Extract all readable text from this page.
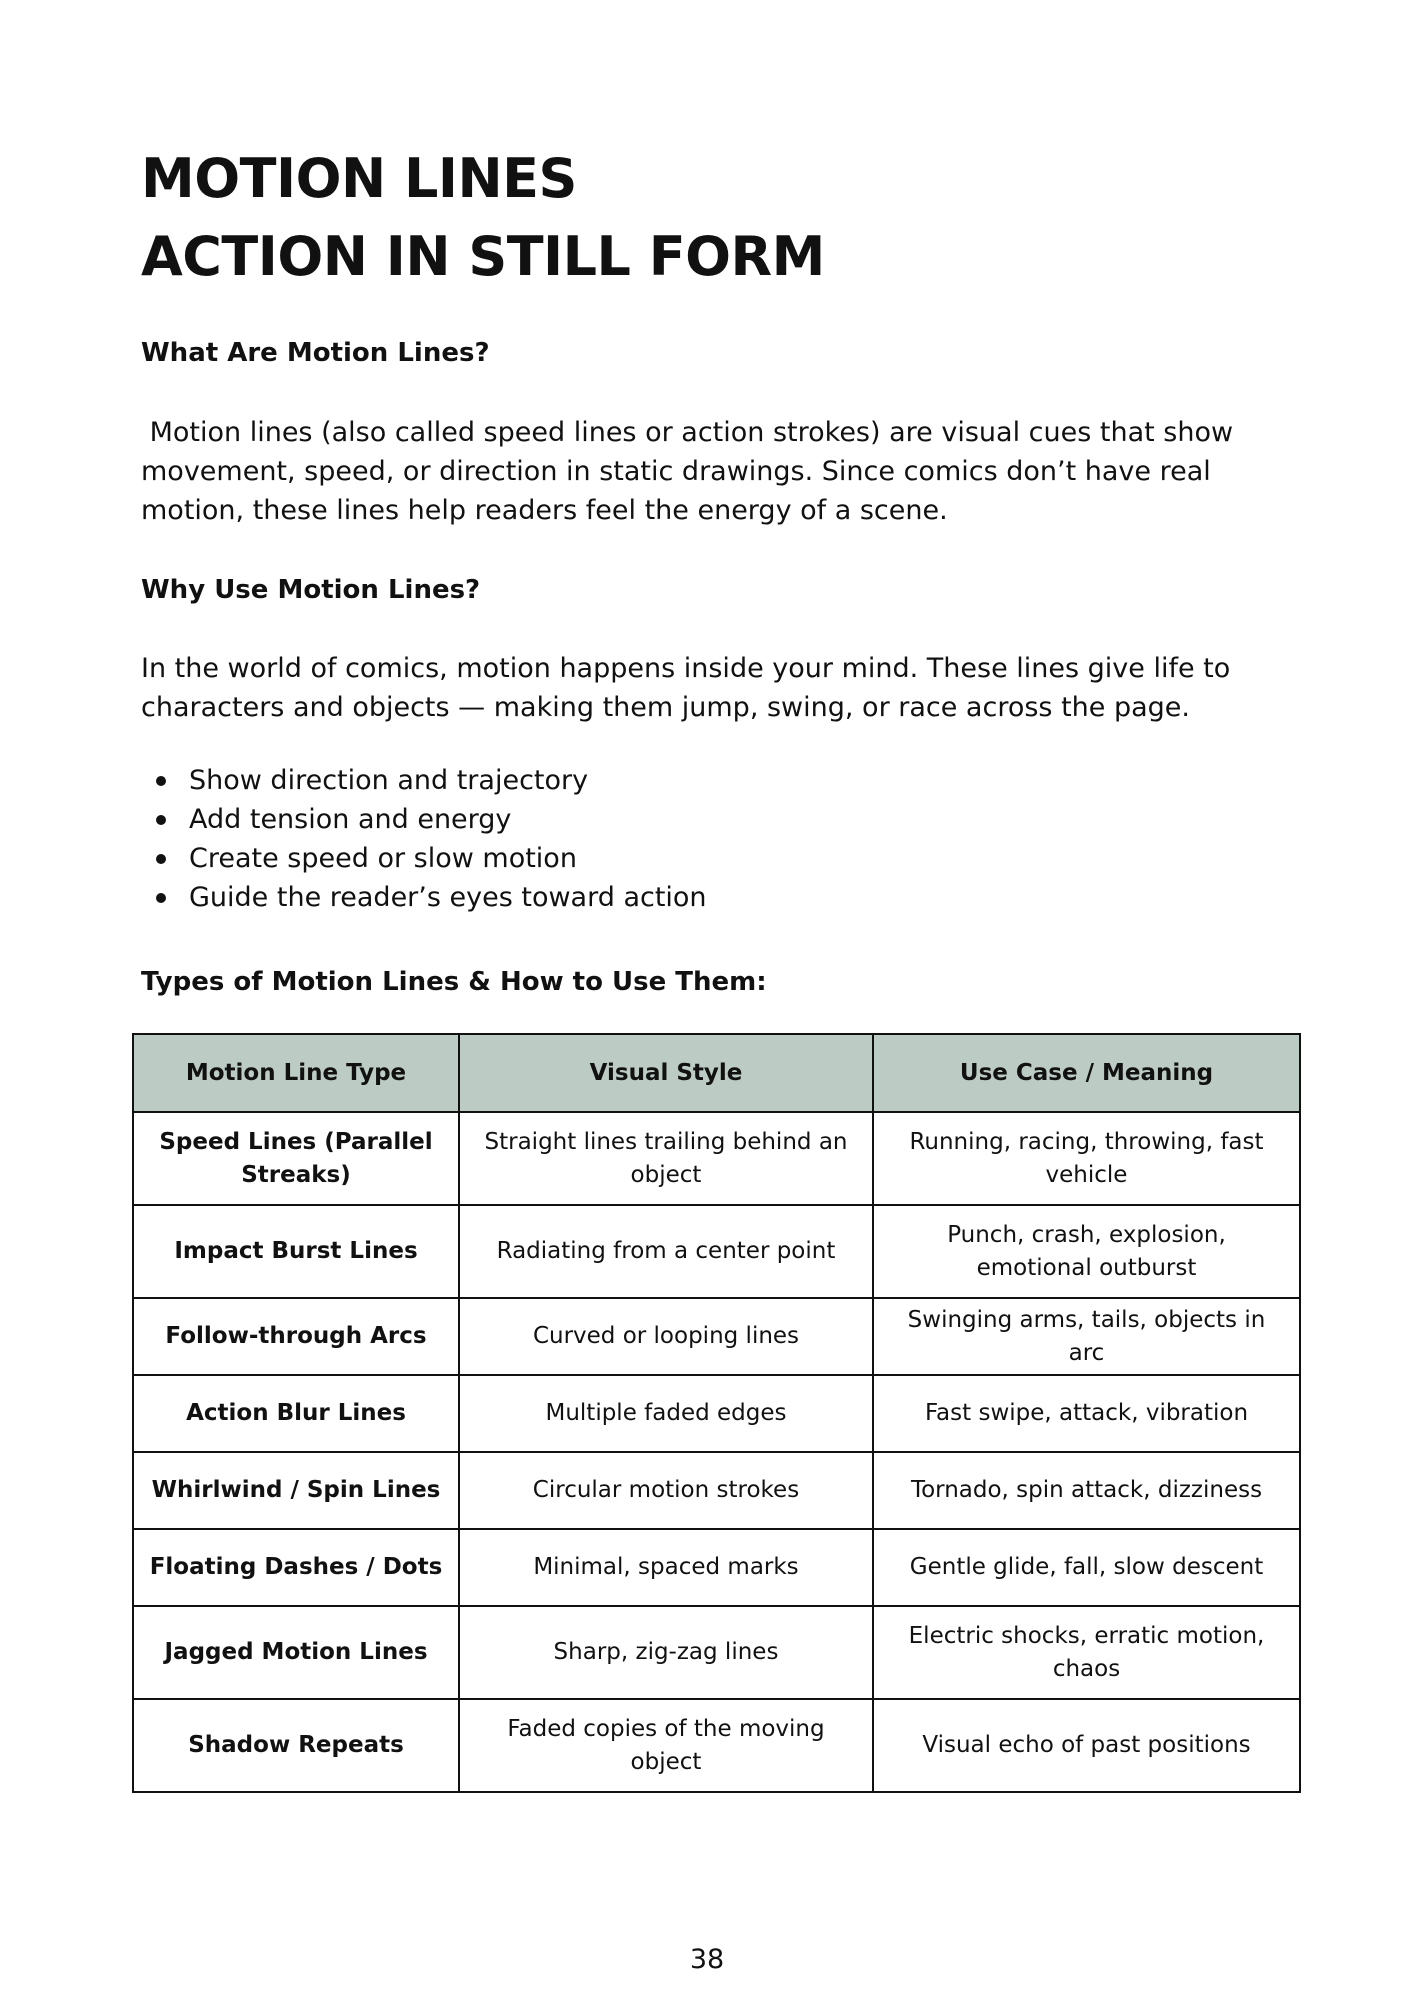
MOTION LINES
ACTION IN STILL FORM
What Are Motion Lines?
Motion lines (also called speed lines or action strokes) are visual cues that show
movement, speed, or direction in static drawings. Since comics don’t have real
motion, these lines help readers feel the energy of a scene.
Why Use Motion Lines?
In the world of comics, motion happens inside your mind. These lines give life to
characters and objects — making them jump, swing, or race across the page.
Show direction and trajectory
Add tension and energy
Create speed or slow motion
Guide the reader’s eyes toward action
Types of Motion Lines & How to Use Them:
Motion Line Type	Visual Style	Use Case / Meaning
Speed Lines (Parallel Streaks)	Straight lines trailing behind an object	Running, racing, throwing, fast vehicle
Impact Burst Lines	Radiating from a center point	Punch, crash, explosion, emotional outburst
Follow-through Arcs	Curved or looping lines	Swinging arms, tails, objects in arc
Action Blur Lines	Multiple faded edges	Fast swipe, attack, vibration
Whirlwind / Spin Lines	Circular motion strokes	Tornado, spin attack, dizziness
Floating Dashes / Dots	Minimal, spaced marks	Gentle glide, fall, slow descent
Jagged Motion Lines	Sharp, zig-zag lines	Electric shocks, erratic motion, chaos
Shadow Repeats	Faded copies of the moving object	Visual echo of past positions
38
